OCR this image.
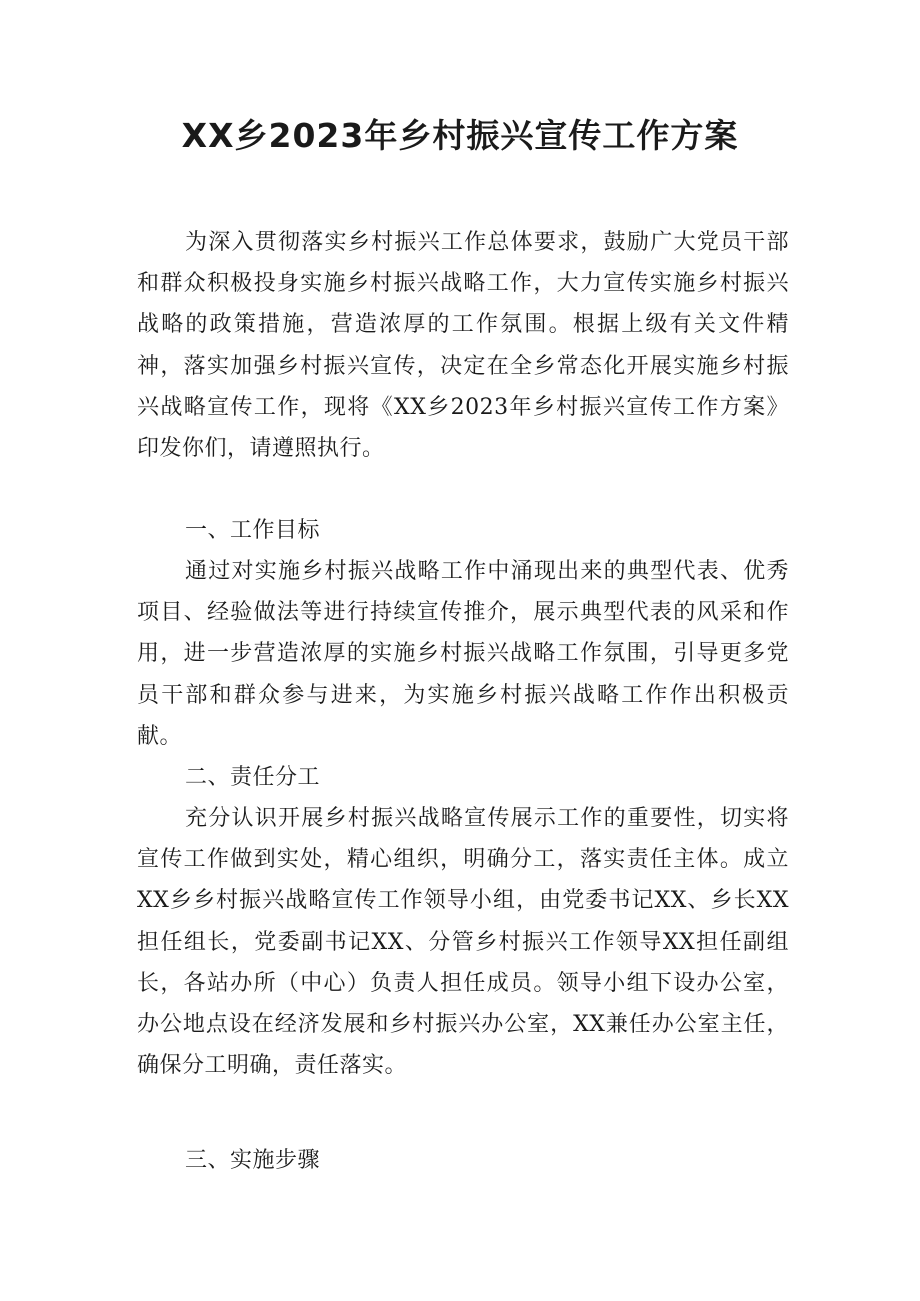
XX乡2023年乡村振兴宣传工作方案

为深入贯彻落实乡村振兴工作总体要求，鼓励广大党员干部和群众积极投身实施乡村振兴战略工作，大力宣传实施乡村振兴战略的政策措施，营造浓厚的工作氛围。根据上级有关文件精神，落实加强乡村振兴宣传，决定在全乡常态化开展实施乡村振兴战略宣传工作，现将《XX乡2023年乡村振兴宣传工作方案》印发你们，请遵照执行。

一、工作目标

通过对实施乡村振兴战略工作中涌现出来的典型代表、优秀项目、经验做法等进行持续宣传推介，展示典型代表的风采和作用，进一步营造浓厚的实施乡村振兴战略工作氛围，引导更多党员干部和群众参与进来，为实施乡村振兴战略工作作出积极贡献。

二、责任分工

充分认识开展乡村振兴战略宣传展示工作的重要性，切实将宣传工作做到实处，精心组织，明确分工，落实责任主体。成立XX乡乡村振兴战略宣传工作领导小组，由党委书记XX、乡长XX担任组长，党委副书记XX、分管乡村振兴工作领导XX担任副组长，各站办所（中心）负责人担任成员。领导小组下设办公室，办公地点设在经济发展和乡村振兴办公室，XX兼任办公室主任，确保分工明确，责任落实。

三、实施步骤
